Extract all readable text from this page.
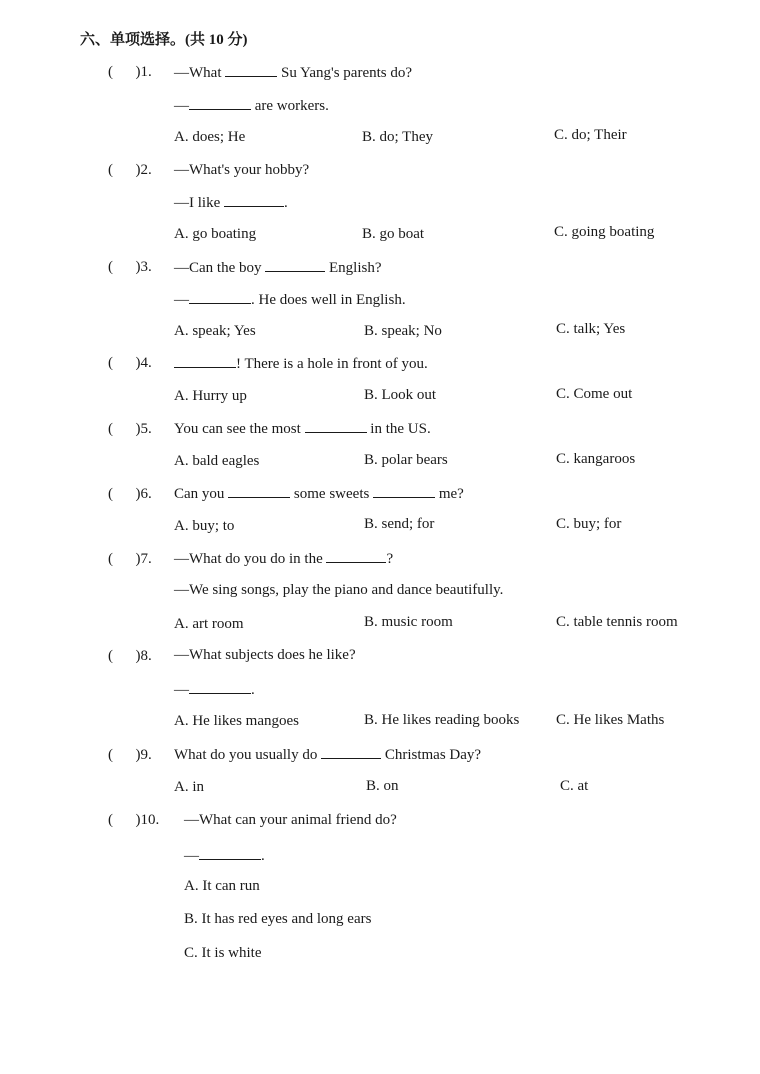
六、单项选择。(共 10 分)
( )1. —What	Su Yang's parents do?
—	are workers.
A. does; He	B. do; They	C. do; Their
( )2. —What's your hobby?
—I like	.
A. go boating	B. go boat	C. going boating
( )3. —Can the boy	English?
—	. He does well in English.
A. speak; Yes	B. speak; No	C. talk; Yes
( )4.	! There is a hole in front of you.
A. Hurry up	B. Look out	C. Come out
( )5. You can see the most	in the US.
A. bald eagles	B. polar bears	C. kangaroos
( )6. Can you	some sweets	me?
A. buy; to	B. send; for	C. buy; for
( )7. —What do you do in the	?
—We sing songs, play the piano and dance beautifully.
A. art room	B. music room	C. table tennis room
( )8. —What subjects does he like?
—	.
A. He likes mangoes	B. He likes reading books C. He likes Maths
( )9. What do you usually do	Christmas Day?
A. in	B. on	C. at
( )10. —What can your animal friend do?
—	.
A. It can run
B. It has red eyes and long ears
C. It is white
